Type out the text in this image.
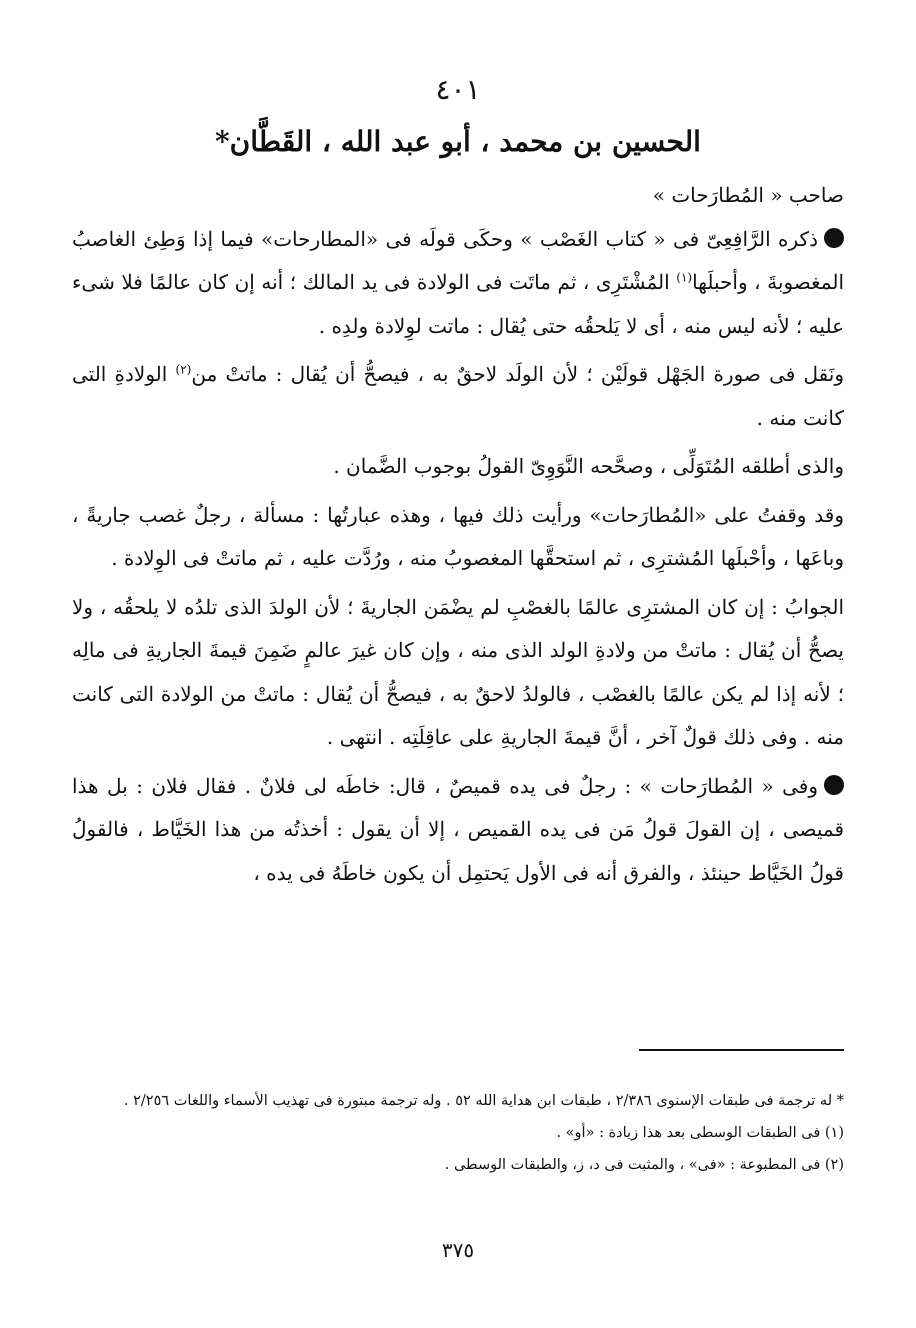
٤٠١
الحسين بن محمد ، أبو عبد الله ، القَطَّان*

صاحب « المُطارَحات »

ذكره الرَّافِعِىّ فى « كتاب الغَصْب » وحكَى قولَه فى «المطارحات» فيما إذا وَطِئ الغاصبُ المغصوبةَ ، وأحبلَها$^{(١)}$ المُشْتَرِى ، ثم ماتَت فى الولادة فى يد المالك ؛ أنه إن كان عالمًا فلا شىء عليه ؛ لأنه ليس منه ، أى لا يَلحقُه حتى يُقال : ماتت لوِلادة ولدِه .

ونَقل فى صورة الجَهْل قولَيْن ؛ لأن الولَد لاحقٌ به ، فيصحُّ أن يُقال : ماتتْ من$^{(٢)}$ الولادةِ التى كانت منه .

والذى أطلقه المُتَوَلِّى ، وصحَّحه النَّوَوِىّ القولُ بوجوب الضَّمان .

وقد وقفتُ على «المُطارَحات» ورأيت ذلك فيها ، وهذه عبارتُها : مسألة ، رجلٌ غصب جاريةً ، وباعَها ، وأحْبلَها المُشترِى ، ثم استحقَّها المغصوبُ منه ، ورُدَّت عليه ، ثم ماتتْ فى الوِلادة .

الجوابُ : إن كان المشترِى عالمًا بالغصْبِ لم يضْمَن الجاريةَ ؛ لأن الولدَ الذى تلدُه لا يلحقُه ، ولا يصحُّ أن يُقال : ماتتْ من ولادةِ الولد الذى منه ، وإن كان غيرَ عالمٍ ضَمِنَ قيمةَ الجاريةِ فى مالِه ؛ لأنه إذا لم يكن عالمًا بالغصْب ، فالولدُ لاحقٌ به ، فيصحُّ أن يُقال : ماتتْ من الولادة التى كانت منه . وفى ذلك قولٌ آخر ، أنَّ قيمةَ الجاريةِ على عاقِلَتِه . انتهى .

وفى « المُطارَحات » : رجلٌ فى يده قميصٌ ، قال: خاطَه لى فلانٌ . فقال فلان : بل هذا قميصى ، إن القولَ قولُ مَن فى يده القميص ، إلا أن يقول : أخذتُه من هذا الخَيَّاط ، فالقولُ قولُ الخَيَّاط حينئذ ، والفرق أنه فى الأول يَحتمِل أن يكون خاطَهُ فى يده ،

* له ترجمة فى طبقات الإسنوى ٢/٣٨٦ ، طبقات ابن هداية الله ٥٢ . وله ترجمة مبتورة فى تهذيب الأسماء واللغات ٢/٢٥٦ .

(١) فى الطبقات الوسطى بعد هذا زيادة : «أو» .

(٢) فى المطبوعة : «فى» ، والمثبت فى د، ز، والطبقات الوسطى .

٣٧٥
